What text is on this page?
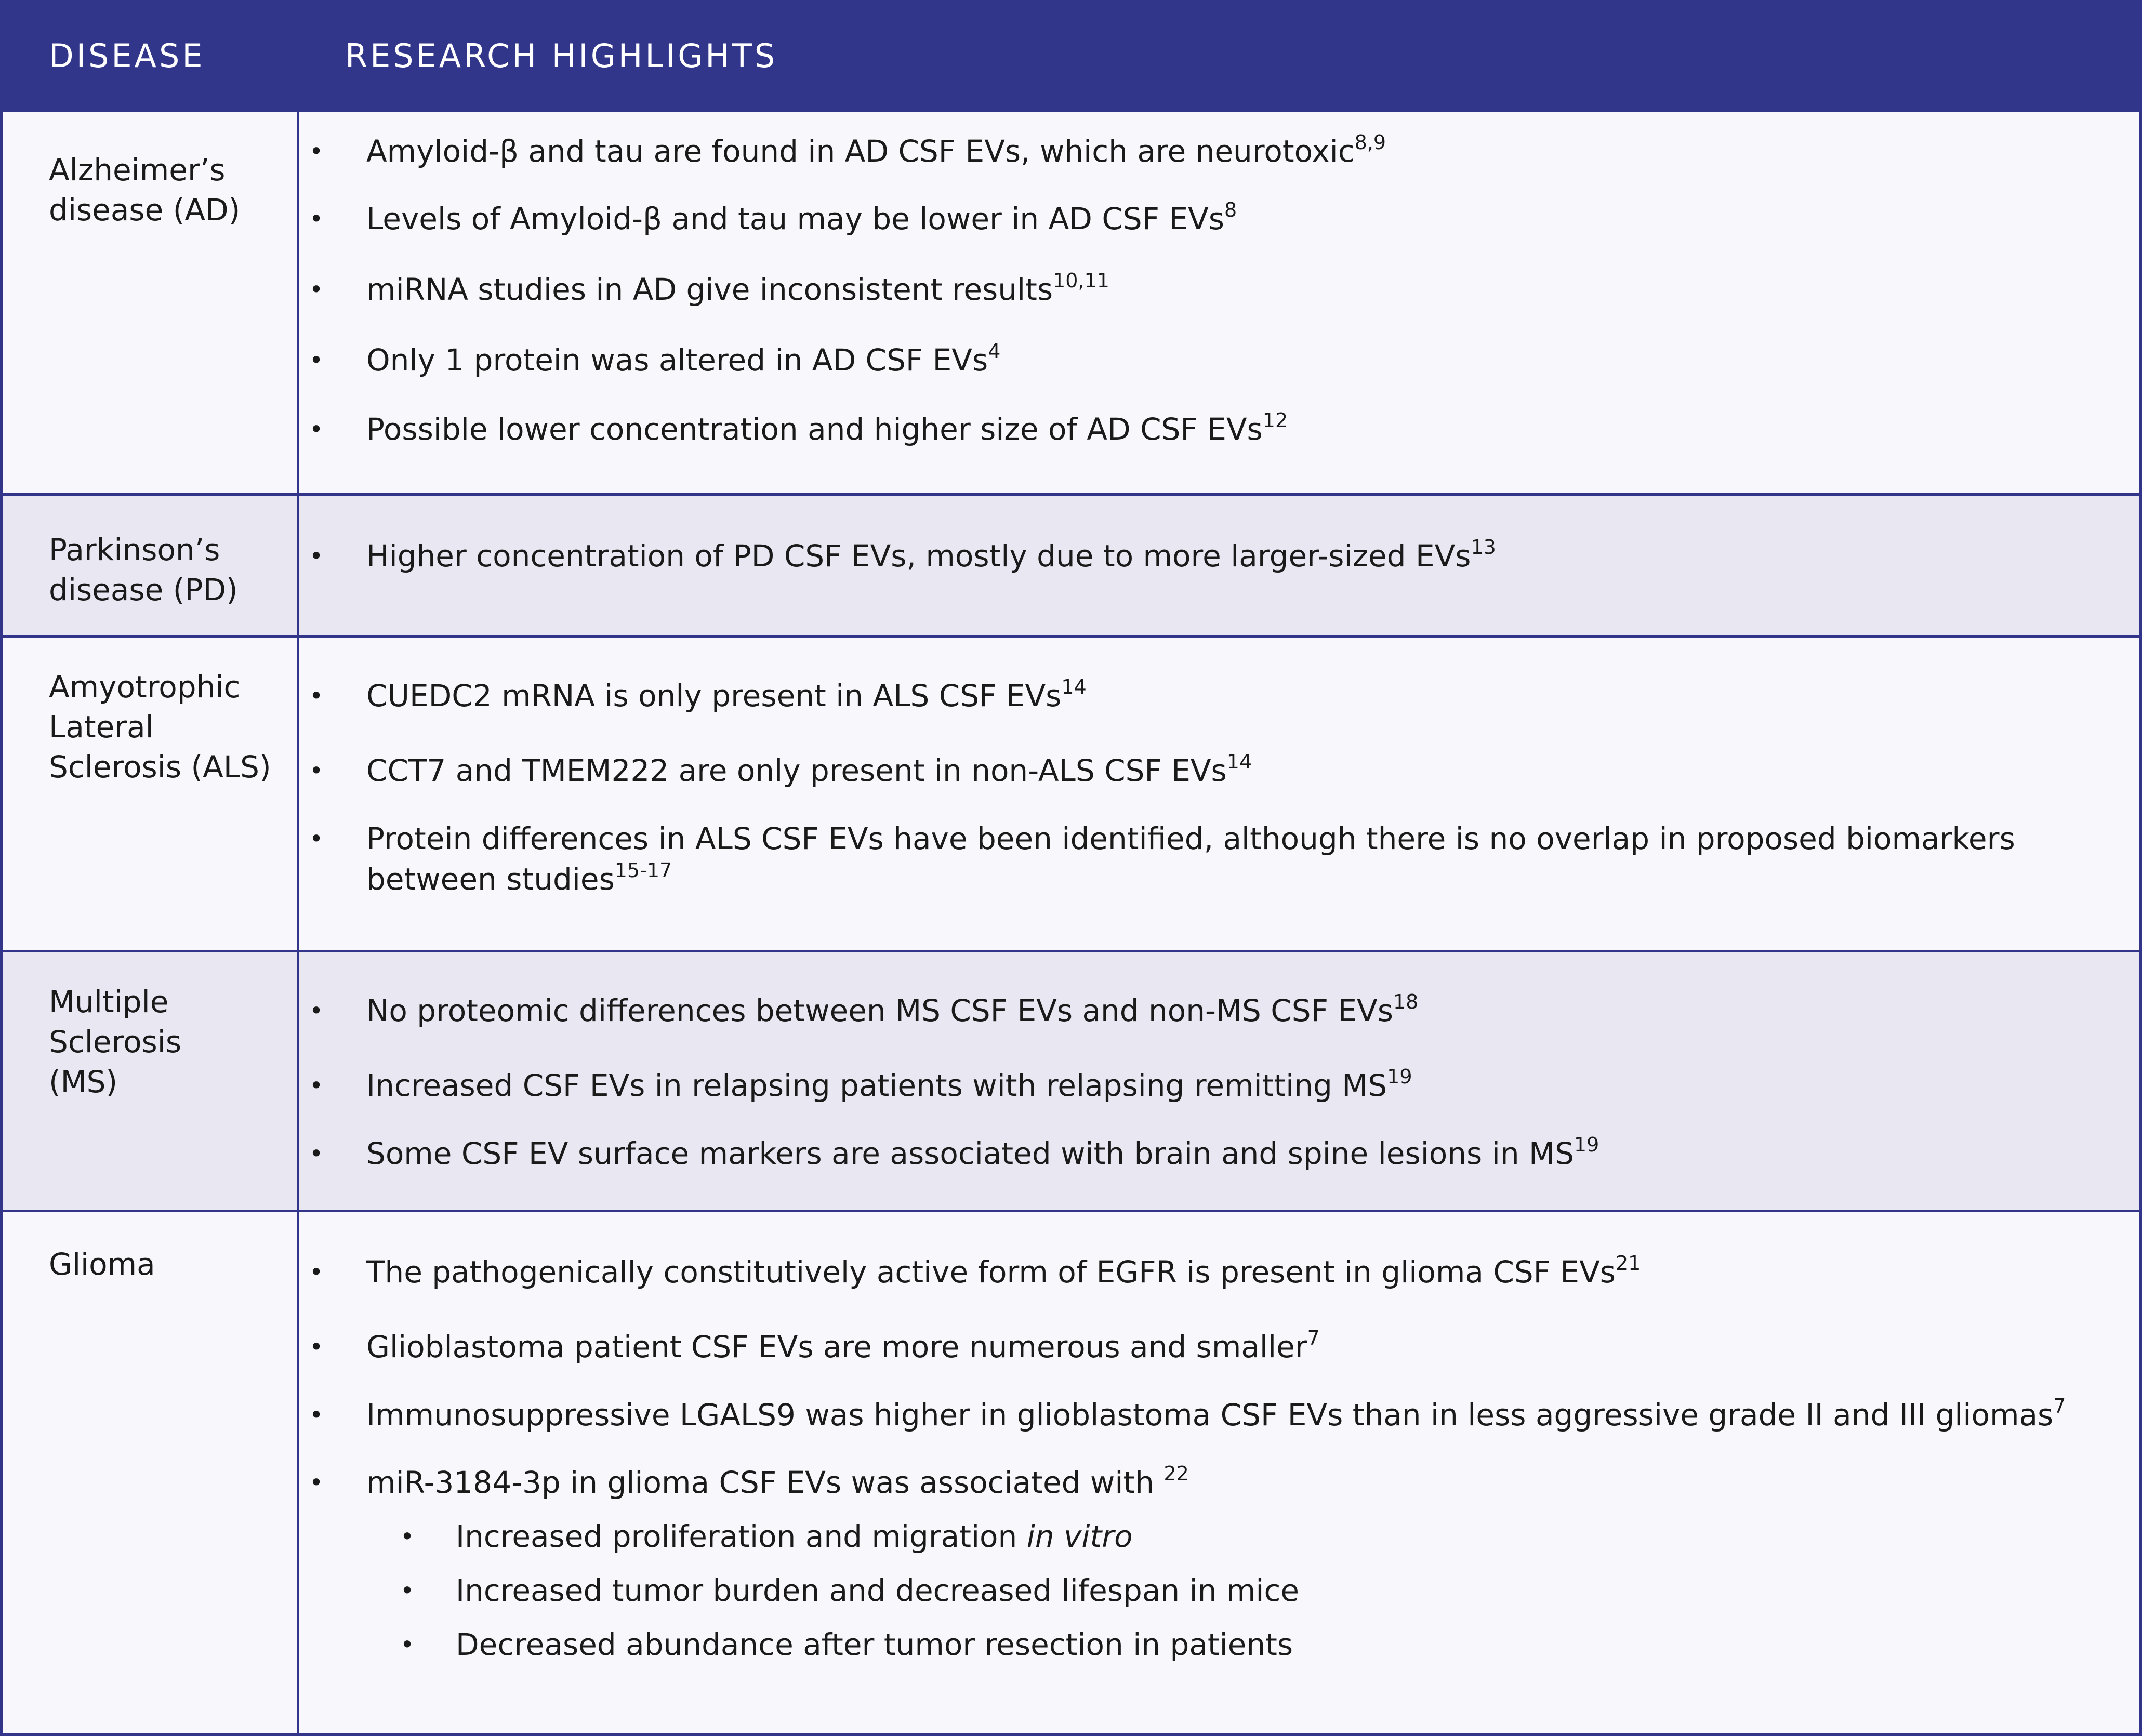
DISEASE	RESEARCH HIGHLIGHTS
Alzheimer’s disease (AD)
• Amyloid-β and tau are found in AD CSF EVs, which are neurotoxic$^{8,9}$
• Levels of Amyloid-β and tau may be lower in AD CSF EVs$^8$
• miRNA studies in AD give inconsistent results$^{10,11}$
• Only 1 protein was altered in AD CSF EVs$^4$
• Possible lower concentration and higher size of AD CSF EVs$^{12}$
Parkinson’s disease (PD)
• Higher concentration of PD CSF EVs, mostly due to more larger-sized EVs$^{13}$
Amyotrophic Lateral Sclerosis (ALS)
• CUEDC2 mRNA is only present in ALS CSF EVs$^{14}$
• CCT7 and TMEM222 are only present in non-ALS CSF EVs$^{14}$
• Protein differences in ALS CSF EVs have been identified, although there is no overlap in proposed biomarkers between studies$^{15-17}$
Multiple Sclerosis (MS)
• No proteomic differences between MS CSF EVs and non-MS CSF EVs$^{18}$
• Increased CSF EVs in relapsing patients with relapsing remitting MS$^{19}$
• Some CSF EV surface markers are associated with brain and spine lesions in MS$^{19}$
Glioma	• The pathogenically constitutively active form of EGFR is present in glioma CSF EVs$^{21}$
• Glioblastoma patient CSF EVs are more numerous and smaller$^7$
• Immunosuppressive LGALS9 was higher in glioblastoma CSF EVs than in less aggressive grade II and III gliomas$^7$
• miR-3184-3p in glioma CSF EVs was associated with $^{22}$
• Increased proliferation and migration in vitro
• Increased tumor burden and decreased lifespan in mice
• Decreased abundance after tumor resection in patients
